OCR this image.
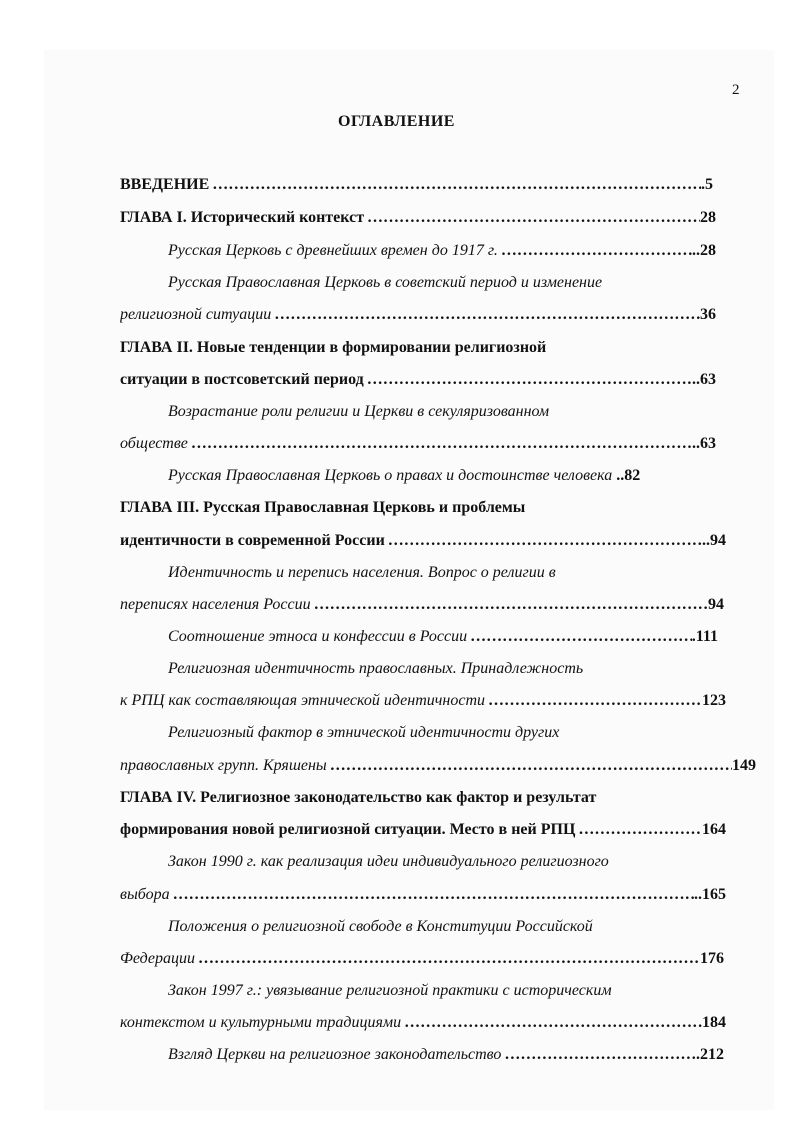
2
ОГЛАВЛЕНИЕ
ВВЕДЕНИЕ ……………………………………………………………………………………………………………………………………………………………………………………	.5
ГЛАВА I. Исторический контекст ……………………………………………………………………………………………………………………………………………………………………………………	28
Русская Церковь с древнейших времен до 1917 г. ……………………………………………………………………………………………………………………………………………………………………………………	..28
Русская Православная Церковь в советский период и изменение
религиозной ситуации ……………………………………………………………………………………………………………………………………………………………………………………	36
ГЛАВА II. Новые тенденции в формировании религиозной
ситуации в постсоветский период ……………………………………………………………………………………………………………………………………………………………………………………	..63
Возрастание роли религии и Церкви в секуляризованном
обществе ……………………………………………………………………………………………………………………………………………………………………………………	..63
Русская Православная Церковь о правах и достоинстве человека ..82
ГЛАВА III. Русская Православная Церковь и проблемы
идентичности в современной России ……………………………………………………………………………………………………………………………………………………………………………………	..94
Идентичность и перепись населения. Вопрос о религии в
переписях населения России ……………………………………………………………………………………………………………………………………………………………………………………	94
Соотношение этноса и конфессии в России ……………………………………………………………………………………………………………………………………………………………………………………	.111
Религиозная идентичность православных. Принадлежность
к РПЦ как составляющая этнической идентичности ……………………………………………………………………………………………………………………………………………………………………………………	123
Религиозный фактор в этнической идентичности других
православных групп. Кряшены ……………………………………………………………………………………………………………………………………………………………………………………	149
ГЛАВА IV. Религиозное законодательство как фактор и результат
формирования новой религиозной ситуации. Место в ней РПЦ ……………………………………………………………………………………………………………………………………………………………………………………	164
Закон 1990 г. как реализация идеи индивидуального религиозного
выбора ……………………………………………………………………………………………………………………………………………………………………………………	..165
Положения о религиозной свободе в Конституции Российской
Федерации ……………………………………………………………………………………………………………………………………………………………………………………	176
Закон 1997 г.: увязывание религиозной практики с историческим
контекстом и культурными традициями ……………………………………………………………………………………………………………………………………………………………………………………	184
Взгляд Церкви на религиозное законодательство ……………………………………………………………………………………………………………………………………………………………………………………	.212
